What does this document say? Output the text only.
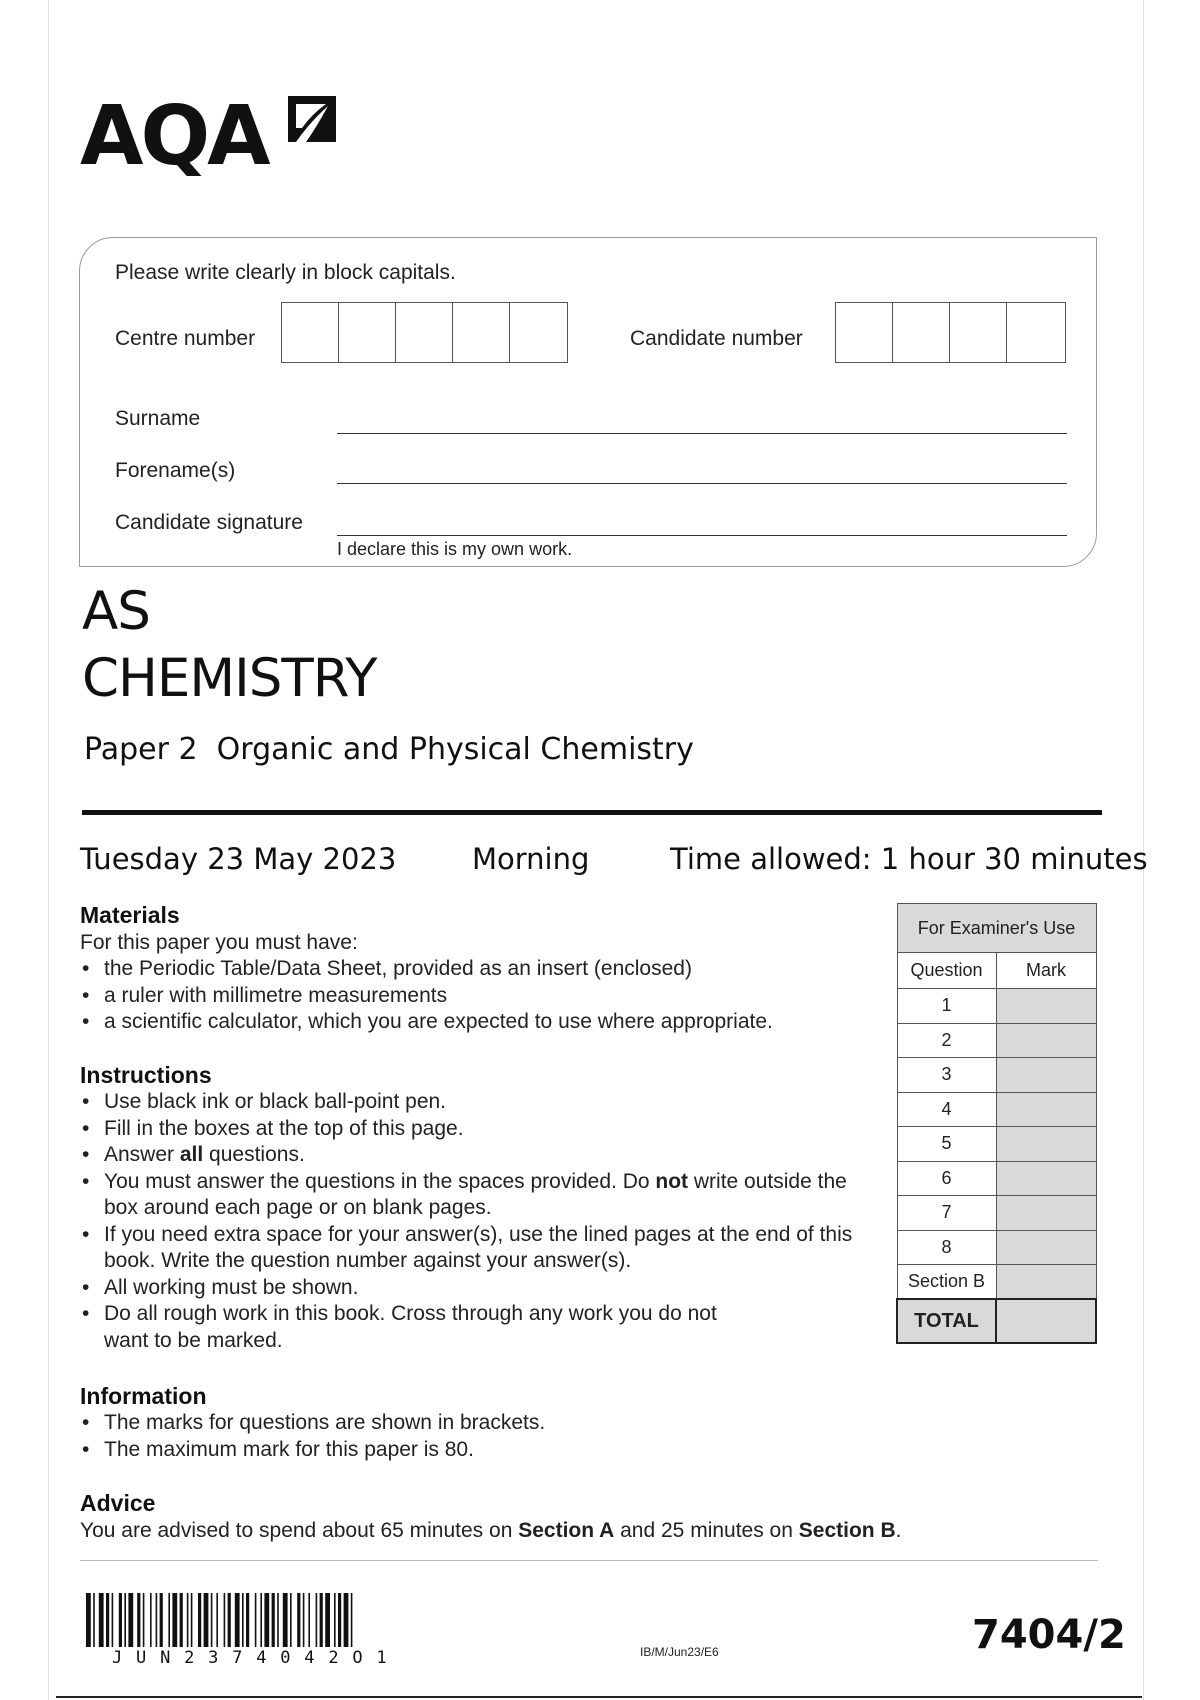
AQA
Please write clearly in block capitals.
Centre number	Candidate number
Surname
Forename(s)
Candidate signature
I declare this is my own work.
AS
CHEMISTRY
Paper 2  Organic and Physical Chemistry
Tuesday 23 May 2023	Morning	Time allowed: 1 hour 30 minutes
Materials

For this paper you must have:

• the Periodic Table/Data Sheet, provided as an insert (enclosed)
• a ruler with millimetre measurements
• a scientific calculator, which you are expected to use where appropriate.
Instructions
• Use black ink or black ball-point pen.
• Fill in the boxes at the top of this page.
• Answer all questions.
• You must answer the questions in the spaces provided. Do not write outside the box around each page or on blank pages.
• If you need extra space for your answer(s), use the lined pages at the end of this book. Write the question number against your answer(s).
• All working must be shown.
• Do all rough work in this book. Cross through any work you do not
want to be marked.
Information
• The marks for questions are shown in brackets.
• The maximum mark for this paper is 80.
Advice

You are advised to spend about 65 minutes on Section A and 25 minutes on Section B.

For Examiner's Use	
Question	Mark
1	
2	
3	
4	
5	
6	
7	
8	
Section B	
TOTAL	
JUN2374042O1	IB/M/Jun23/E6	7404/2
